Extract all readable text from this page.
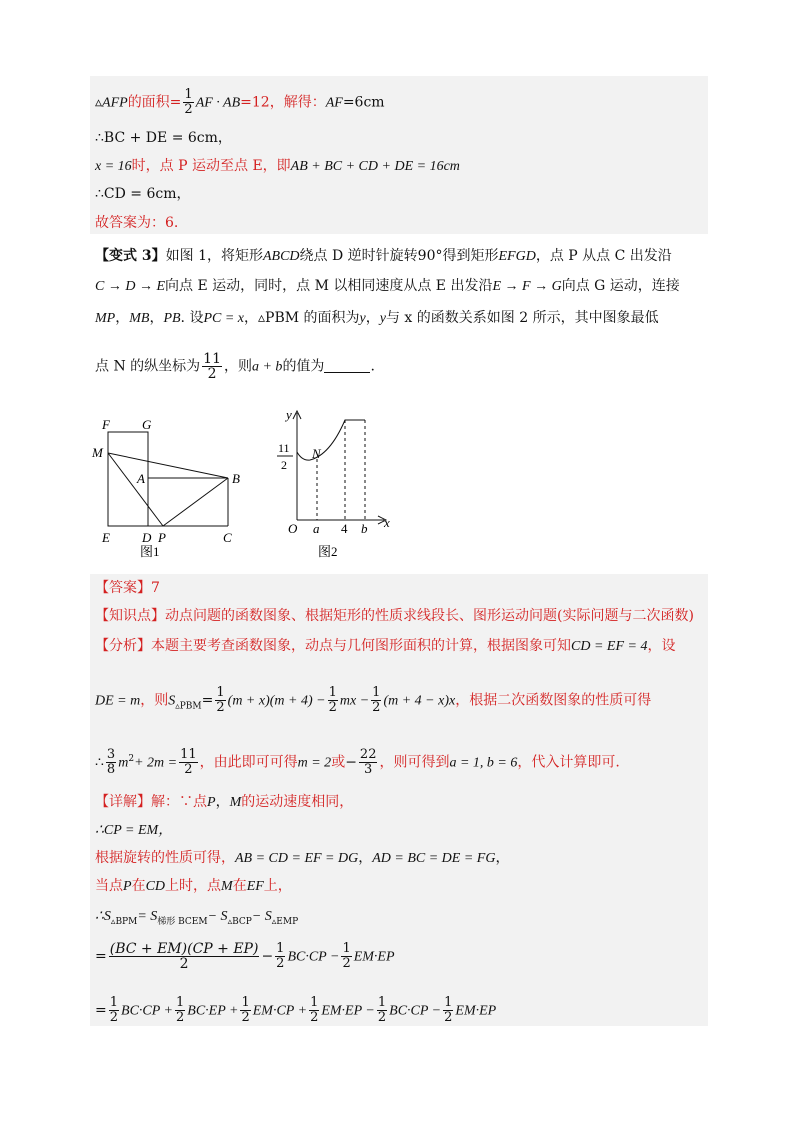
▵AFP的面积= $\frac{1}{2}$ AF · AB=12，解得：AF=6cm
∴BC + DE = 6cm，
x = 16时，点 P 运动至点 E，即AB + BC + CD + DE = 16cm
∴CD = 6cm，
故答案为：6.
【变式 3】如图 1，将矩形ABCD绕点 D 逆时针旋转90°得到矩形EFGD，点 P 从点 C 出发沿
C → D → E向点 E 运动，同时，点 M 以相同速度从点 E 出发沿E → F → G向点 G 运动，连接
MP，MB，PB. 设PC = x，▵PBM 的面积为y，y与 x 的函数关系如图 2 所示，其中图象最低
点 N 的纵坐标为 $\frac{11}{2}$ ，则a + b的值为	.
F G
M
A	B
E D P	C
图1
y
x
O a 4 b
N
11
2
图2
【答案】7
【知识点】动点问题的函数图象、根据矩形的性质求线段长、图形运动问题(实际问题与二次函数)
【分析】本题主要考查函数图象，动点与几何图形面积的计算，根据图象可知CD = EF = 4，设
DE = m，则$S_{▵PBM}= \frac{1}{2} (m + x)(m + 4) - \frac{1}{2}$ mx − $\frac{1}{2} (m + 4 - x)x$，根据二次函数图象的性质可得
∴ $\frac{3}{8} m^2+ 2m = \frac{11}{2}$ ，由此即可可得m = 2或− $\frac{22}{3}$ ，则可得到a = 1, b = 6，代入计算即可.
【详解】解：∵点P，M的运动速度相同，
∴CP = EM，
根据旋转的性质可得，AB = CD = EF = DG，AD = BC = DE = FG，
当点P在CD上时，点M在EF上，
$\therefore S_{▵BPM}= S_{梯形 BCEM}- S_{▵BCP}- S_{▵EMP}$
= $\frac{(BC + EM)(CP + EP)}{2} - \frac{1}{2} BC\cdot CP - \frac{1}{2} EM\cdot EP$
= $\frac{1}{2} BC\cdot CP + \frac{1}{2} BC\cdot EP + \frac{1}{2} EM\cdot CP + \frac{1}{2} EM\cdot EP - \frac{1}{2} BC\cdot CP - \frac{1}{2} EM\cdot EP$
